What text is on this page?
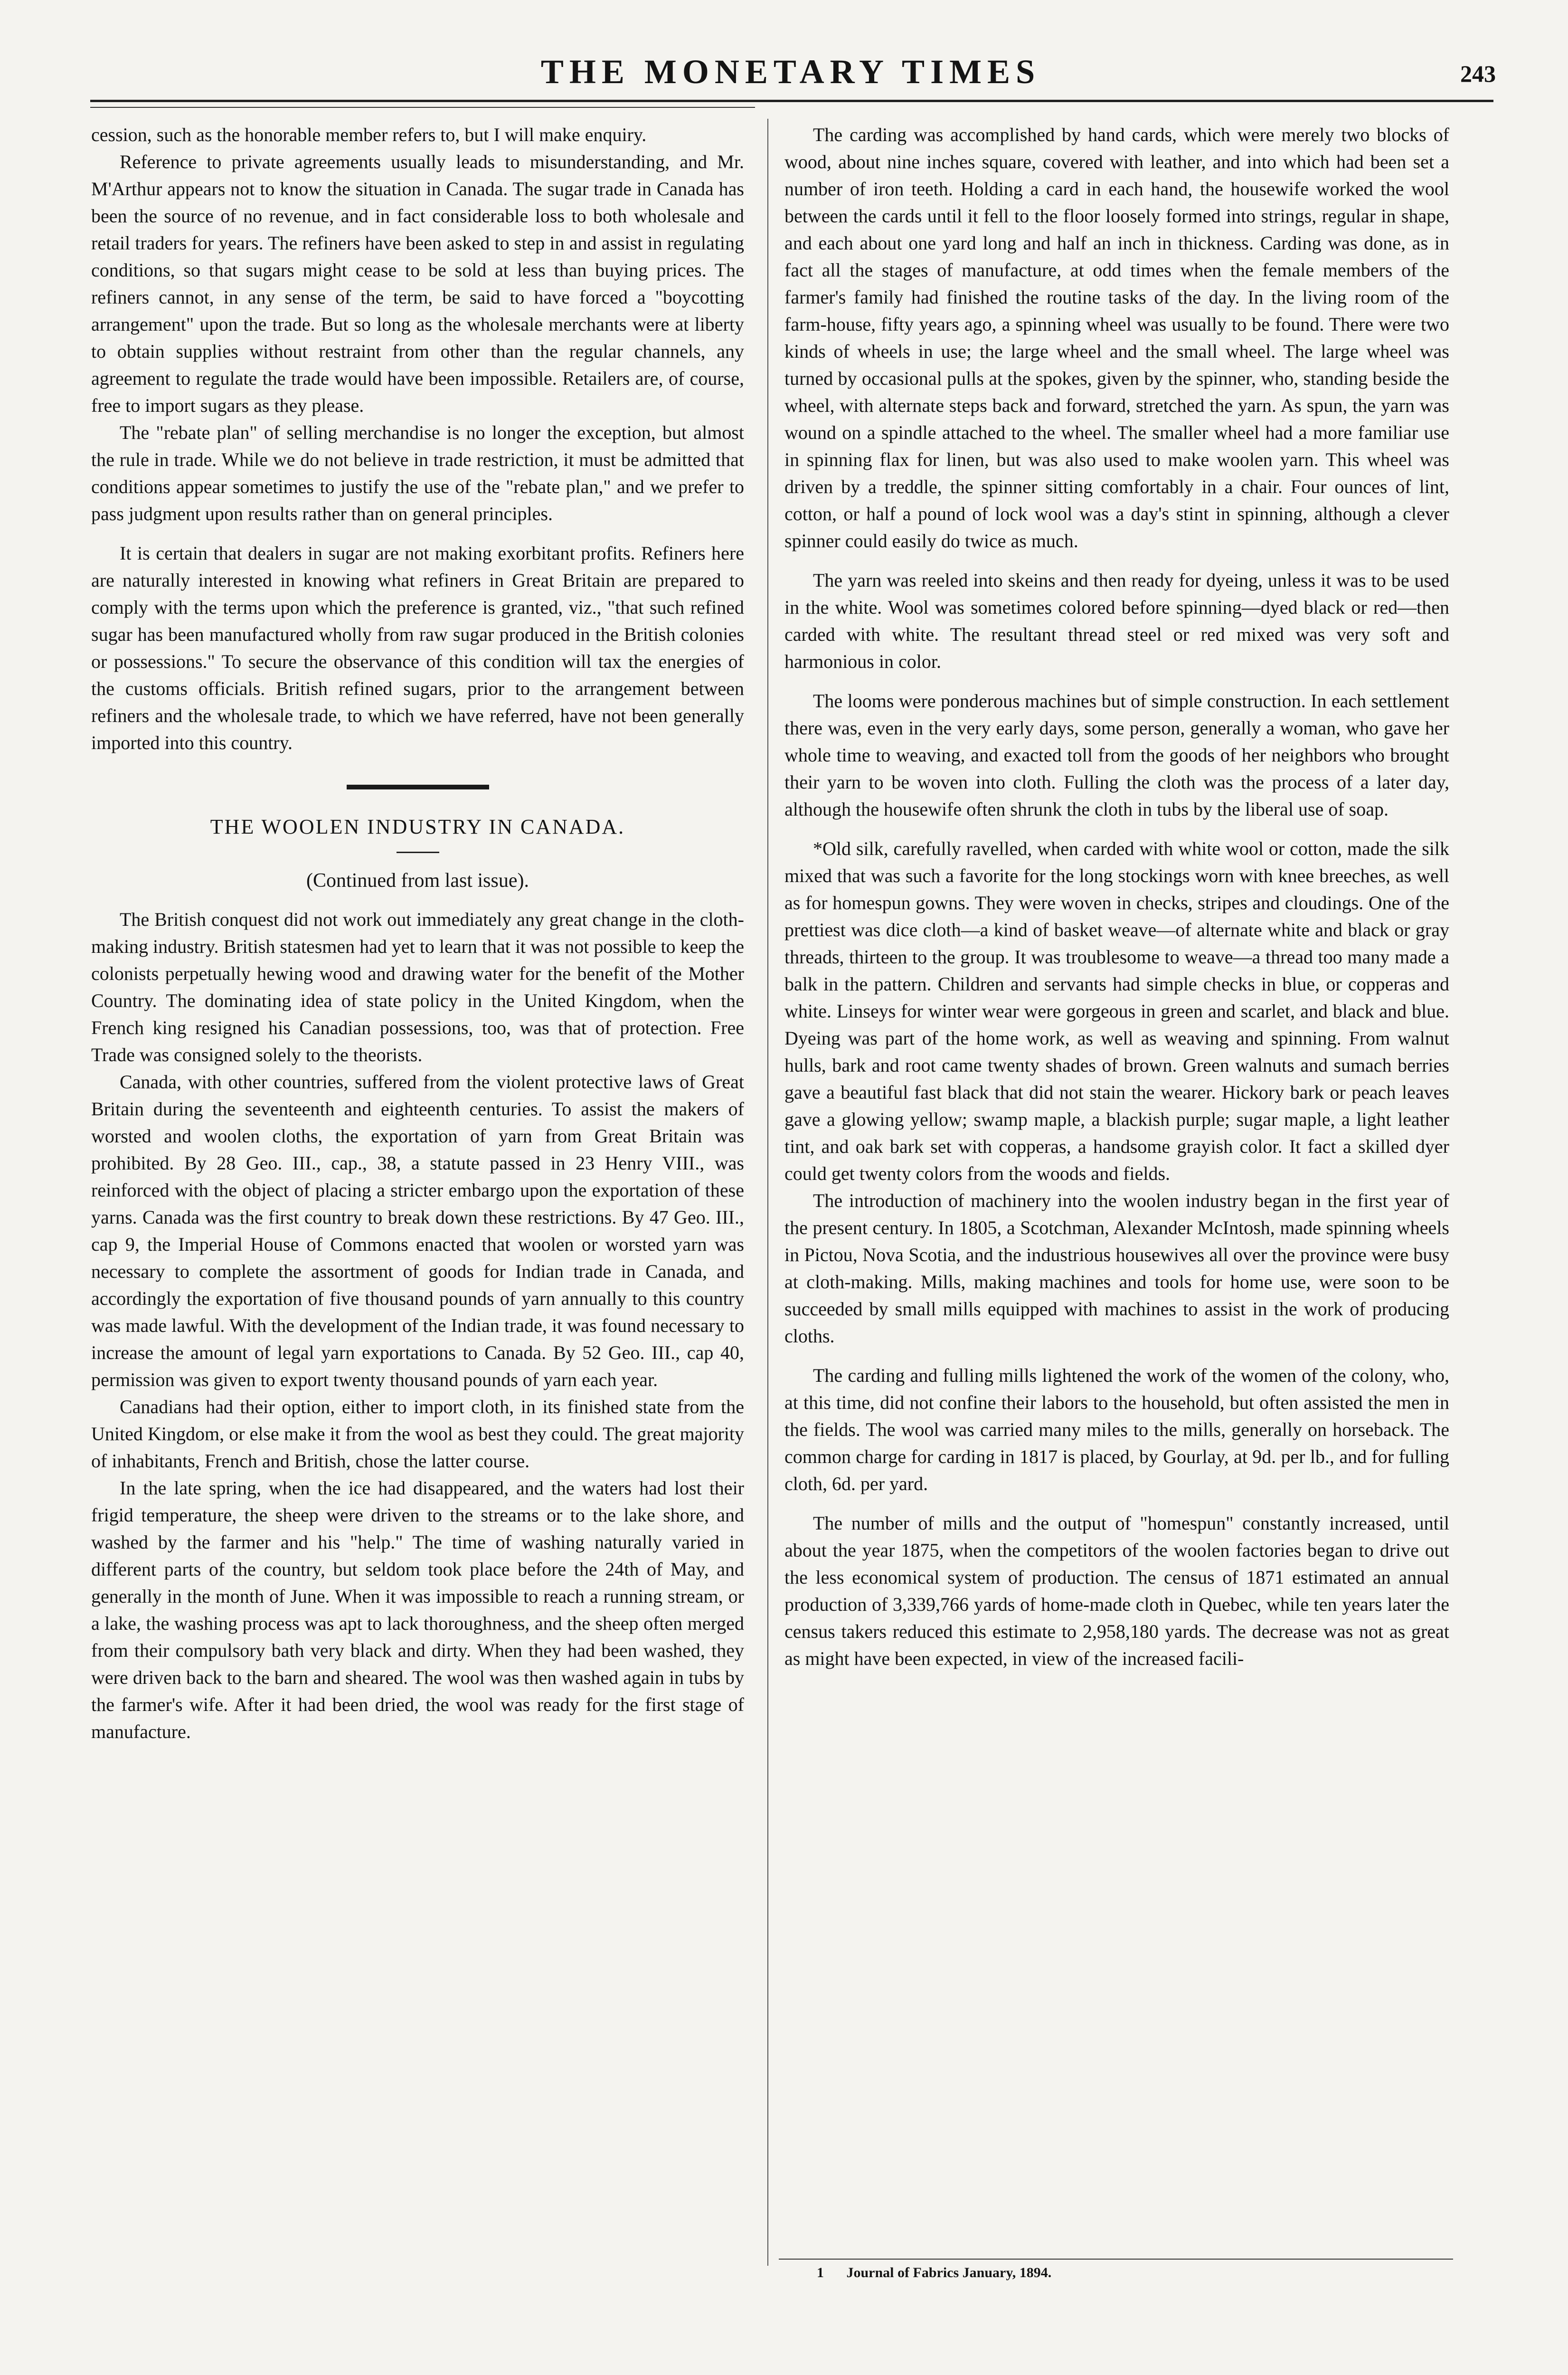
THE MONETARY TIMES	243

cession, such as the honorable member refers to, but I will make enquiry.

Reference to private agreements usually leads to misunderstanding, and Mr. M'Arthur appears not to know the situation in Canada. The sugar trade in Canada has been the source of no revenue, and in fact considerable loss to both wholesale and retail traders for years. The refiners have been asked to step in and assist in regulating conditions, so that sugars might cease to be sold at less than buying prices. The refiners cannot, in any sense of the term, be said to have forced a "boycotting arrangement" upon the trade. But so long as the wholesale merchants were at liberty to obtain supplies without restraint from other than the regular channels, any agreement to regulate the trade would have been impossible. Retailers are, of course, free to import sugars as they please.

The "rebate plan" of selling merchandise is no longer the exception, but almost the rule in trade. While we do not believe in trade restriction, it must be admitted that conditions appear sometimes to justify the use of the "rebate plan," and we prefer to pass judgment upon results rather than on general principles.

It is certain that dealers in sugar are not making exorbitant profits. Refiners here are naturally interested in knowing what refiners in Great Britain are prepared to comply with the terms upon which the preference is granted, viz., "that such refined sugar has been manufactured wholly from raw sugar produced in the British colonies or possessions." To secure the observance of this condition will tax the energies of the customs officials. British refined sugars, prior to the arrangement between refiners and the wholesale trade, to which we have referred, have not been generally imported into this country.

THE WOOLEN INDUSTRY IN CANADA.
(Continued from last issue).

The British conquest did not work out immediately any great change in the cloth-making industry. British statesmen had yet to learn that it was not possible to keep the colonists perpetually hewing wood and drawing water for the benefit of the Mother Country. The dominating idea of state policy in the United Kingdom, when the French king resigned his Canadian possessions, too, was that of protection. Free Trade was consigned solely to the theorists.

Canada, with other countries, suffered from the violent protective laws of Great Britain during the seventeenth and eighteenth centuries. To assist the makers of worsted and woolen cloths, the exportation of yarn from Great Britain was prohibited. By 28 Geo. III., cap., 38, a statute passed in 23 Henry VIII., was reinforced with the object of placing a stricter embargo upon the exportation of these yarns. Canada was the first country to break down these restrictions. By 47 Geo. III., cap 9, the Imperial House of Commons enacted that woolen or worsted yarn was necessary to complete the assortment of goods for Indian trade in Canada, and accordingly the exportation of five thousand pounds of yarn annually to this country was made lawful. With the development of the Indian trade, it was found necessary to increase the amount of legal yarn exportations to Canada. By 52 Geo. III., cap 40, permission was given to export twenty thousand pounds of yarn each year.

Canadians had their option, either to import cloth, in its finished state from the United Kingdom, or else make it from the wool as best they could. The great majority of inhabitants, French and British, chose the latter course.

In the late spring, when the ice had disappeared, and the waters had lost their frigid temperature, the sheep were driven to the streams or to the lake shore, and washed by the farmer and his "help." The time of washing naturally varied in different parts of the country, but seldom took place before the 24th of May, and generally in the month of June. When it was impossible to reach a running stream, or a lake, the washing process was apt to lack thoroughness, and the sheep often merged from their compulsory bath very black and dirty. When they had been washed, they were driven back to the barn and sheared. The wool was then washed again in tubs by the farmer's wife. After it had been dried, the wool was ready for the first stage of manufacture.

The carding was accomplished by hand cards, which were merely two blocks of wood, about nine inches square, covered with leather, and into which had been set a number of iron teeth. Holding a card in each hand, the housewife worked the wool between the cards until it fell to the floor loosely formed into strings, regular in shape, and each about one yard long and half an inch in thickness. Carding was done, as in fact all the stages of manufacture, at odd times when the female members of the farmer's family had finished the routine tasks of the day. In the living room of the farm-house, fifty years ago, a spinning wheel was usually to be found. There were two kinds of wheels in use; the large wheel and the small wheel. The large wheel was turned by occasional pulls at the spokes, given by the spinner, who, standing beside the wheel, with alternate steps back and forward, stretched the yarn. As spun, the yarn was wound on a spindle attached to the wheel. The smaller wheel had a more familiar use in spinning flax for linen, but was also used to make woolen yarn. This wheel was driven by a treddle, the spinner sitting comfortably in a chair. Four ounces of lint, cotton, or half a pound of lock wool was a day's stint in spinning, although a clever spinner could easily do twice as much.

The yarn was reeled into skeins and then ready for dyeing, unless it was to be used in the white. Wool was sometimes colored before spinning—dyed black or red—then carded with white. The resultant thread steel or red mixed was very soft and harmonious in color.

The looms were ponderous machines but of simple construction. In each settlement there was, even in the very early days, some person, generally a woman, who gave her whole time to weaving, and exacted toll from the goods of her neighbors who brought their yarn to be woven into cloth. Fulling the cloth was the process of a later day, although the housewife often shrunk the cloth in tubs by the liberal use of soap.

*Old silk, carefully ravelled, when carded with white wool or cotton, made the silk mixed that was such a favorite for the long stockings worn with knee breeches, as well as for homespun gowns. They were woven in checks, stripes and cloudings. One of the prettiest was dice cloth—a kind of basket weave—of alternate white and black or gray threads, thirteen to the group. It was troublesome to weave—a thread too many made a balk in the pattern. Children and servants had simple checks in blue, or copperas and white. Linseys for winter wear were gorgeous in green and scarlet, and black and blue. Dyeing was part of the home work, as well as weaving and spinning. From walnut hulls, bark and root came twenty shades of brown. Green walnuts and sumach berries gave a beautiful fast black that did not stain the wearer. Hickory bark or peach leaves gave a glowing yellow; swamp maple, a blackish purple; sugar maple, a light leather tint, and oak bark set with copperas, a handsome grayish color. It fact a skilled dyer could get twenty colors from the woods and fields.

The introduction of machinery into the woolen industry began in the first year of the present century. In 1805, a Scotchman, Alexander McIntosh, made spinning wheels in Pictou, Nova Scotia, and the industrious housewives all over the province were busy at cloth-making. Mills, making machines and tools for home use, were soon to be succeeded by small mills equipped with machines to assist in the work of producing cloths.

The carding and fulling mills lightened the work of the women of the colony, who, at this time, did not confine their labors to the household, but often assisted the men in the fields. The wool was carried many miles to the mills, generally on horseback. The common charge for carding in 1817 is placed, by Gourlay, at 9d. per lb., and for fulling cloth, 6d. per yard.

The number of mills and the output of "homespun" constantly increased, until about the year 1875, when the competitors of the woolen factories began to drive out the less economical system of production. The census of 1871 estimated an annual production of 3,339,766 yards of home-made cloth in Quebec, while ten years later the census takers reduced this estimate to 2,958,180 yards. The decrease was not as great as might have been expected, in view of the increased facili-

1 Journal of Fabrics January, 1894.
